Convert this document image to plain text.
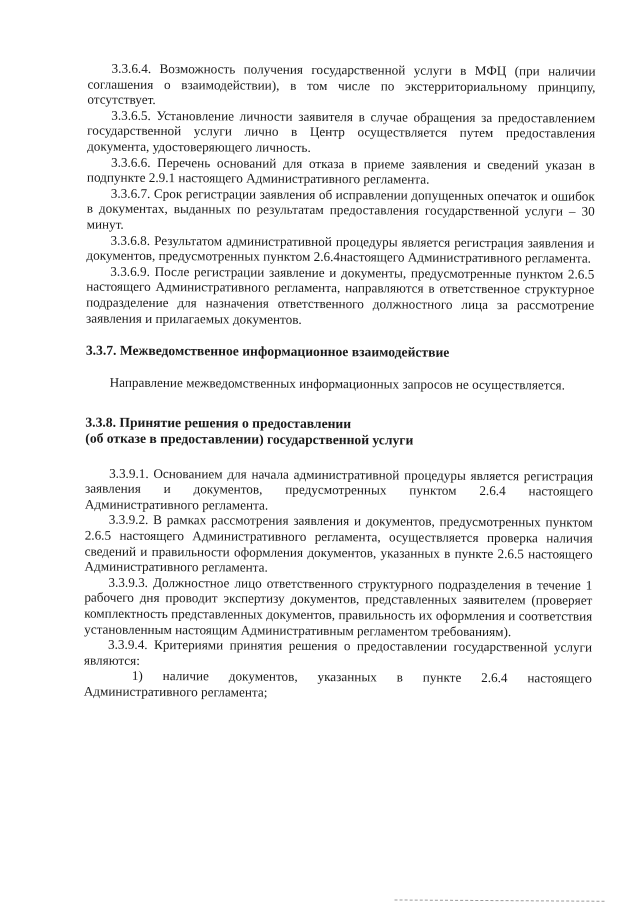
3.3.6.4. Возможность получения государственной услуги в МФЦ (при наличии соглашения о взаимодействии), в том числе по экстерриториальному принципу, отсутствует.

3.3.6.5. Установление личности заявителя в случае обращения за предоставлением государственной услуги лично в Центр осуществляется путем предоставления документа, удостоверяющего личность.

3.3.6.6. Перечень оснований для отказа в приеме заявления и сведений указан в подпункте 2.9.1 настоящего Административного регламента.

3.3.6.7. Срок регистрации заявления об исправлении допущенных опечаток и ошибок в документах, выданных по результатам предоставления государственной услуги – 30 минут.

3.3.6.8. Результатом административной процедуры является регистрация заявления и документов, предусмотренных пунктом 2.6.4настоящего Административного регламента.

3.3.6.9. После регистрации заявление и документы, предусмотренные пунктом 2.6.5 настоящего Административного регламента, направляются в ответственное структурное подразделение для назначения ответственного должностного лица за рассмотрение заявления и прилагаемых документов.

3.3.7. Межведомственное информационное взаимодействие

Направление межведомственных информационных запросов не осуществляется.

3.3.8. Принятие решения о предоставлении

(об отказе в предоставлении) государственной услуги

3.3.9.1. Основанием для начала административной процедуры является регистрация заявления и документов, предусмотренных пунктом 2.6.4 настоящего Административного регламента.

3.3.9.2. В рамках рассмотрения заявления и документов, предусмотренных пунктом 2.6.5 настоящего Административного регламента, осуществляется проверка наличия сведений и правильности оформления документов, указанных в пункте 2.6.5 настоящего Административного регламента.

3.3.9.3. Должностное лицо ответственного структурного подразделения в течение 1 рабочего дня проводит экспертизу документов, представленных заявителем (проверяет комплектность представленных документов, правильность их оформления и соответствия установленным настоящим Административным регламентом требованиям).

3.3.9.4. Критериями принятия решения о предоставлении государственной услуги являются:

1) наличие документов, указанных в пункте 2.6.4 настоящего Административного регламента;
